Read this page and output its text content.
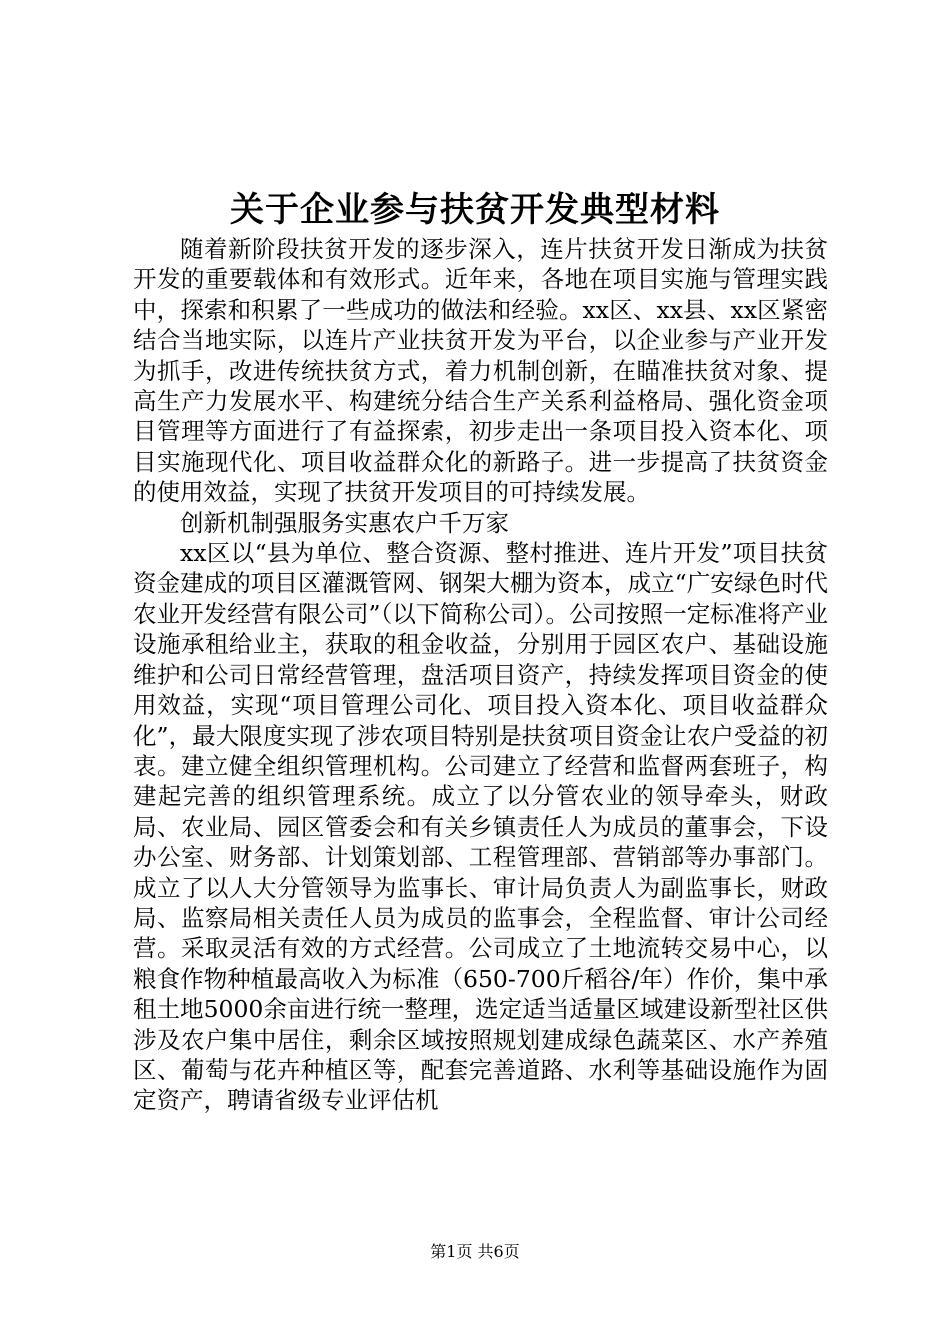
关于企业参与扶贫开发典型材料

随着新阶段扶贫开发的逐步深入，连片扶贫开发日渐成为扶贫开发的重要载体和有效形式。近年来，各地在项目实施与管理实践中，探索和积累了一些成功的做法和经验。xx区、xx县、xx区紧密结合当地实际，以连片产业扶贫开发为平台，以企业参与产业开发为抓手，改进传统扶贫方式，着力机制创新，在瞄准扶贫对象、提高生产力发展水平、构建统分结合生产关系利益格局、强化资金项目管理等方面进行了有益探索，初步走出一条项目投入资本化、项目实施现代化、项目收益群众化的新路子。进一步提高了扶贫资金的使用效益，实现了扶贫开发项目的可持续发展。

创新机制强服务实惠农户千万家

xx区以“县为单位、整合资源、整村推进、连片开发”项目扶贫资金建成的项目区灌溉管网、钢架大棚为资本，成立“广安绿色时代农业开发经营有限公司”（以下简称公司）。公司按照一定标准将产业设施承租给业主，获取的租金收益，分别用于园区农户、基础设施维护和公司日常经营管理，盘活项目资产，持续发挥项目资金的使用效益，实现“项目管理公司化、项目投入资本化、项目收益群众化”，最大限度实现了涉农项目特别是扶贫项目资金让农户受益的初衷。建立健全组织管理机构。公司建立了经营和监督两套班子，构建起完善的组织管理系统。成立了以分管农业的领导牵头，财政局、农业局、园区管委会和有关乡镇责任人为成员的董事会，下设办公室、财务部、计划策划部、工程管理部、营销部等办事部门。成立了以人大分管领导为监事长、审计局负责人为副监事长，财政局、监察局相关责任人员为成员的监事会，全程监督、审计公司经营。采取灵活有效的方式经营。公司成立了土地流转交易中心，以粮食作物种植最高收入为标准（650-700斤稻谷/年）作价，集中承租土地5000余亩进行统一整理，选定适当适量区域建设新型社区供涉及农户集中居住，剩余区域按照规划建成绿色蔬菜区、水产养殖区、葡萄与花卉种植区等，配套完善道路、水利等基础设施作为固定资产，聘请省级专业评估机

第1页 共6页
